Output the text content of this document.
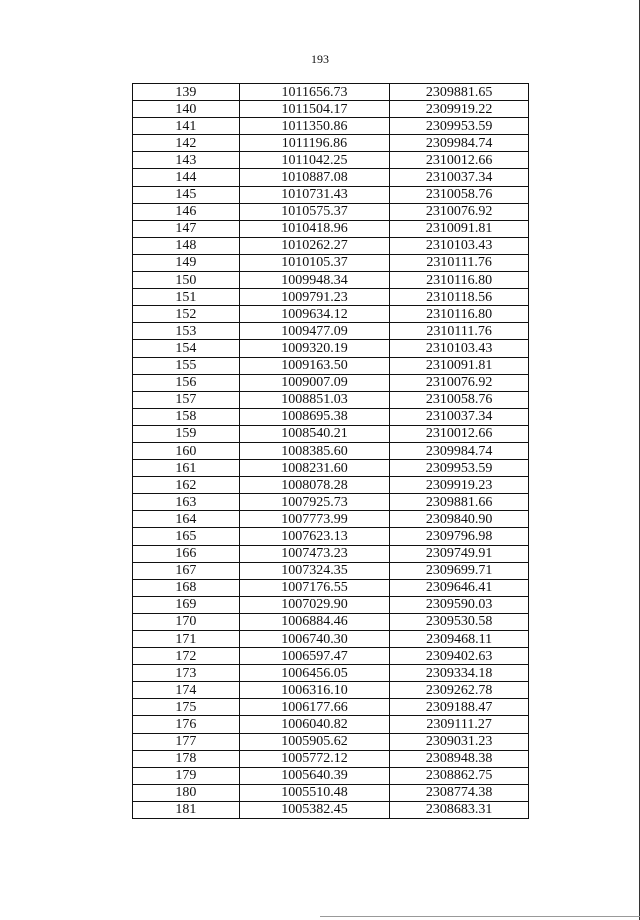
193
139	1011656.73	2309881.65
140	1011504.17	2309919.22
141	1011350.86	2309953.59
142	1011196.86	2309984.74
143	1011042.25	2310012.66
144	1010887.08	2310037.34
145	1010731.43	2310058.76
146	1010575.37	2310076.92
147	1010418.96	2310091.81
148	1010262.27	2310103.43
149	1010105.37	2310111.76
150	1009948.34	2310116.80
151	1009791.23	2310118.56
152	1009634.12	2310116.80
153	1009477.09	2310111.76
154	1009320.19	2310103.43
155	1009163.50	2310091.81
156	1009007.09	2310076.92
157	1008851.03	2310058.76
158	1008695.38	2310037.34
159	1008540.21	2310012.66
160	1008385.60	2309984.74
161	1008231.60	2309953.59
162	1008078.28	2309919.23
163	1007925.73	2309881.66
164	1007773.99	2309840.90
165	1007623.13	2309796.98
166	1007473.23	2309749.91
167	1007324.35	2309699.71
168	1007176.55	2309646.41
169	1007029.90	2309590.03
170	1006884.46	2309530.58
171	1006740.30	2309468.11
172	1006597.47	2309402.63
173	1006456.05	2309334.18
174	1006316.10	2309262.78
175	1006177.66	2309188.47
176	1006040.82	2309111.27
177	1005905.62	2309031.23
178	1005772.12	2308948.38
179	1005640.39	2308862.75
180	1005510.48	2308774.38
181	1005382.45	2308683.31
